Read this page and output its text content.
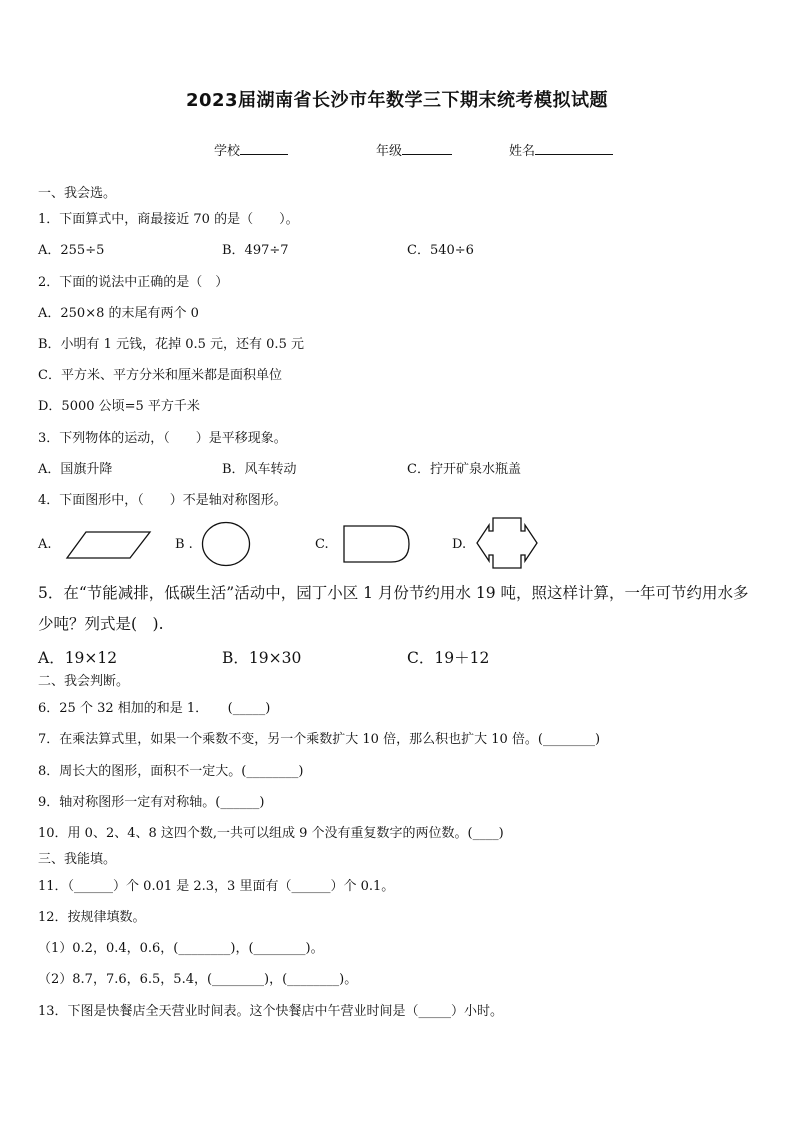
2023届湖南省长沙市年数学三下期末统考模拟试题
学校	年级	姓名
一、我会选。
1．下面算式中，商最接近 70 的是（　　）。
A．255÷5	B．497÷7	C．540÷6
2．下面的说法中正确的是（　）
A．250×8 的末尾有两个 0
B．小明有 1 元钱，花掉 0.5 元，还有 0.5 元
C．平方米、平方分米和厘米都是面积单位
D．5000 公顷=5 平方千米
3．下列物体的运动，（　　）是平移现象。
A．国旗升降	B．风车转动	C．拧开矿泉水瓶盖
4．下面图形中，（　　）不是轴对称图形。
A.	B .	C.	D.
5．在“节能减排，低碳生活”活动中，园丁小区 1 月份节约用水 19 吨，照这样计算，一年可节约用水多
少吨？列式是(　).
A．19×12	B．19×30	C．19＋12
二、我会判断。
6．25 个 32 相加的和是 1．　　(_____)
7．在乘法算式里，如果一个乘数不变，另一个乘数扩大 10 倍，那么积也扩大 10 倍。(________)
8．周长大的图形，面积不一定大。(________)
9．轴对称图形一定有对称轴。(______)
10．用 0、2、4、8 这四个数,一共可以组成 9 个没有重复数字的两位数。(____)
三、我能填。
11．（______）个 0.01 是 2.3，3 里面有（______）个 0.1。
12．按规律填数。
（1）0.2，0.4，0.6，(________)，(________)。
（2）8.7，7.6，6.5，5.4，(________)，(________)。
13．下图是快餐店全天营业时间表。这个快餐店中午营业时间是（_____）小时。
